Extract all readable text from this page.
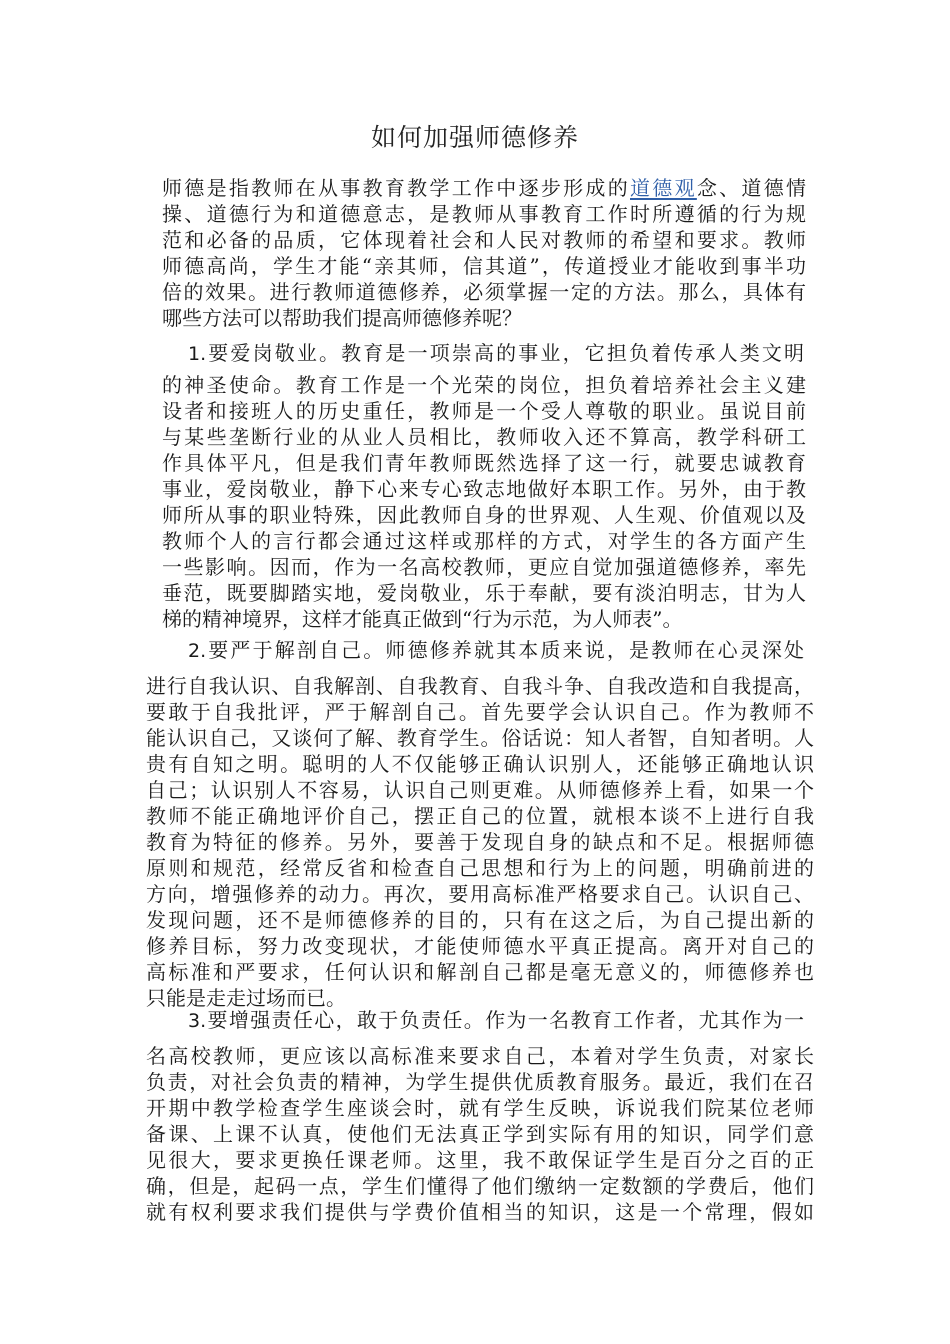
如何加强师德修养
师德是指教师在从事教育教学工作中逐步形成的道德观念、道德情
操、道德行为和道德意志，是教师从事教育工作时所遵循的行为规
范和必备的品质，它体现着社会和人民对教师的希望和要求。教师
师德高尚，学生才能“亲其师，信其道”，传道授业才能收到事半功
倍的效果。进行教师道德修养，必须掌握一定的方法。那么，具体有
哪些方法可以帮助我们提高师德修养呢？
1.要爱岗敬业。教育是一项崇高的事业，它担负着传承人类文明
的神圣使命。教育工作是一个光荣的岗位，担负着培养社会主义建
设者和接班人的历史重任，教师是一个受人尊敬的职业。虽说目前
与某些垄断行业的从业人员相比，教师收入还不算高，教学科研工
作具体平凡，但是我们青年教师既然选择了这一行，就要忠诚教育
事业，爱岗敬业，静下心来专心致志地做好本职工作。另外，由于教
师所从事的职业特殊，因此教师自身的世界观、人生观、价值观以及
教师个人的言行都会通过这样或那样的方式，对学生的各方面产生
一些影响。因而，作为一名高校教师，更应自觉加强道德修养，率先
垂范，既要脚踏实地，爱岗敬业，乐于奉献，要有淡泊明志，甘为人
梯的精神境界，这样才能真正做到“行为示范，为人师表”。
2.要严于解剖自己。师德修养就其本质来说，是教师在心灵深处
进行自我认识、自我解剖、自我教育、自我斗争、自我改造和自我提高，
要敢于自我批评，严于解剖自己。首先要学会认识自己。作为教师不
能认识自己，又谈何了解、教育学生。俗话说：知人者智，自知者明。人
贵有自知之明。聪明的人不仅能够正确认识别人，还能够正确地认识
自己；认识别人不容易，认识自己则更难。从师德修养上看，如果一个
教师不能正确地评价自己，摆正自己的位置，就根本谈不上进行自我
教育为特征的修养。另外，要善于发现自身的缺点和不足。根据师德
原则和规范，经常反省和检查自己思想和行为上的问题，明确前进的
方向，增强修养的动力。再次，要用高标准严格要求自己。认识自己、
发现问题，还不是师德修养的目的，只有在这之后，为自己提出新的
修养目标，努力改变现状，才能使师德水平真正提高。离开对自己的
高标准和严要求，任何认识和解剖自己都是毫无意义的，师德修养也
只能是走走过场而已。
3.要增强责任心，敢于负责任。作为一名教育工作者，尤其作为一
名高校教师，更应该以高标准来要求自己，本着对学生负责，对家长
负责，对社会负责的精神，为学生提供优质教育服务。最近，我们在召
开期中教学检查学生座谈会时，就有学生反映，诉说我们院某位老师
备课、上课不认真，使他们无法真正学到实际有用的知识，同学们意
见很大，要求更换任课老师。这里，我不敢保证学生是百分之百的正
确，但是，起码一点，学生们懂得了他们缴纳一定数额的学费后，他们
就有权利要求我们提供与学费价值相当的知识，这是一个常理，假如
